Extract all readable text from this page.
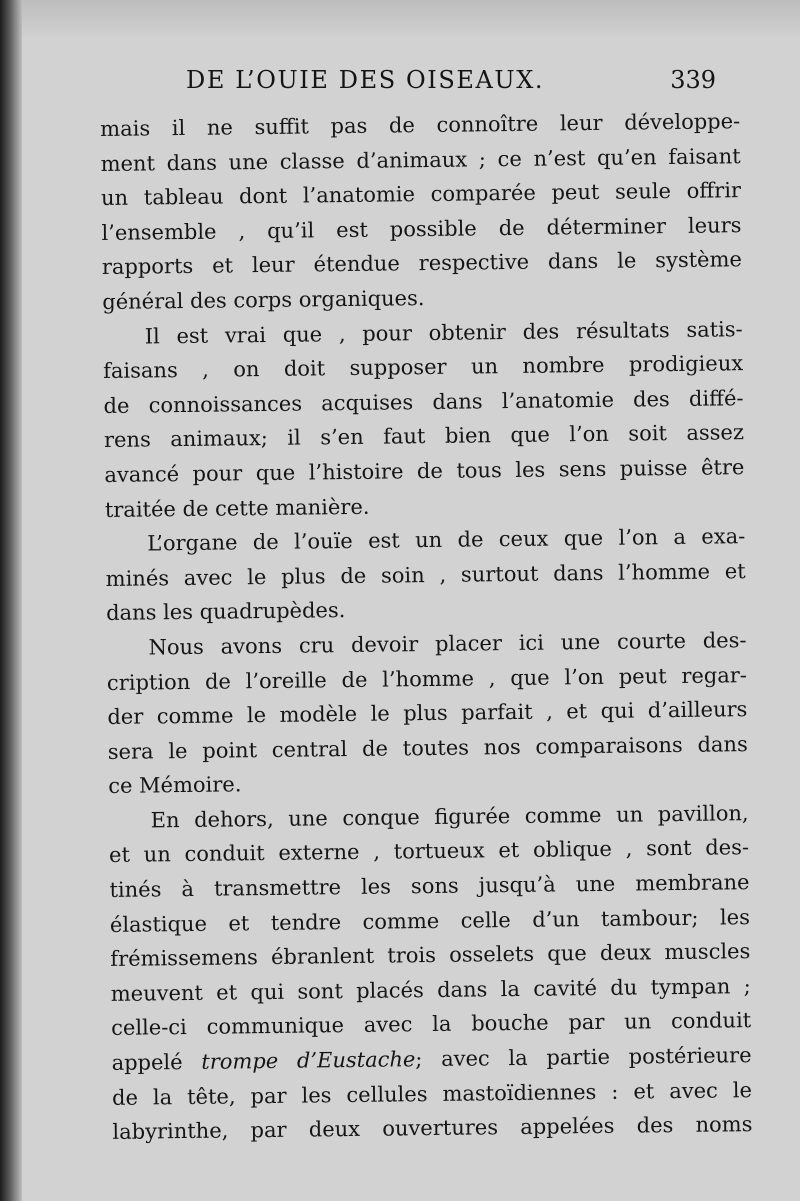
DE L’OUIE DES OISEAUX.	339
mais il ne suffit pas de connoître leur développe-
ment dans une classe d’animaux ; ce n’est qu’en faisant
un tableau dont l’anatomie comparée peut seule offrir
l’ensemble , qu’il est possible de déterminer leurs
rapports et leur étendue respective dans le système
général des corps organiques.
Il est vrai que , pour obtenir des résultats satis-
faisans , on doit supposer un nombre prodigieux
de connoissances acquises dans l’anatomie des diffé-
rens animaux; il s’en faut bien que l’on soit assez
avancé pour que l’histoire de tous les sens puisse être
traitée de cette manière.
L’organe de l’ouïe est un de ceux que l’on a exa-
minés avec le plus de soin , surtout dans l’homme et
dans les quadrupèdes.
Nous avons cru devoir placer ici une courte des-
cription de l’oreille de l’homme , que l’on peut regar-
der comme le modèle le plus parfait , et qui d’ailleurs
sera le point central de toutes nos comparaisons dans
ce Mémoire.
En dehors, une conque figurée comme un pavillon,
et un conduit externe , tortueux et oblique , sont des-
tinés à transmettre les sons jusqu’à une membrane
élastique et tendre comme celle d’un tambour; les
frémissemens ébranlent trois osselets que deux muscles
meuvent et qui sont placés dans la cavité du tympan ;
celle-ci communique avec la bouche par un conduit
appelé trompe d’Eustache; avec la partie postérieure
de la tête, par les cellules mastoïdiennes : et avec le
labyrinthe, par deux ouvertures appelées des noms
